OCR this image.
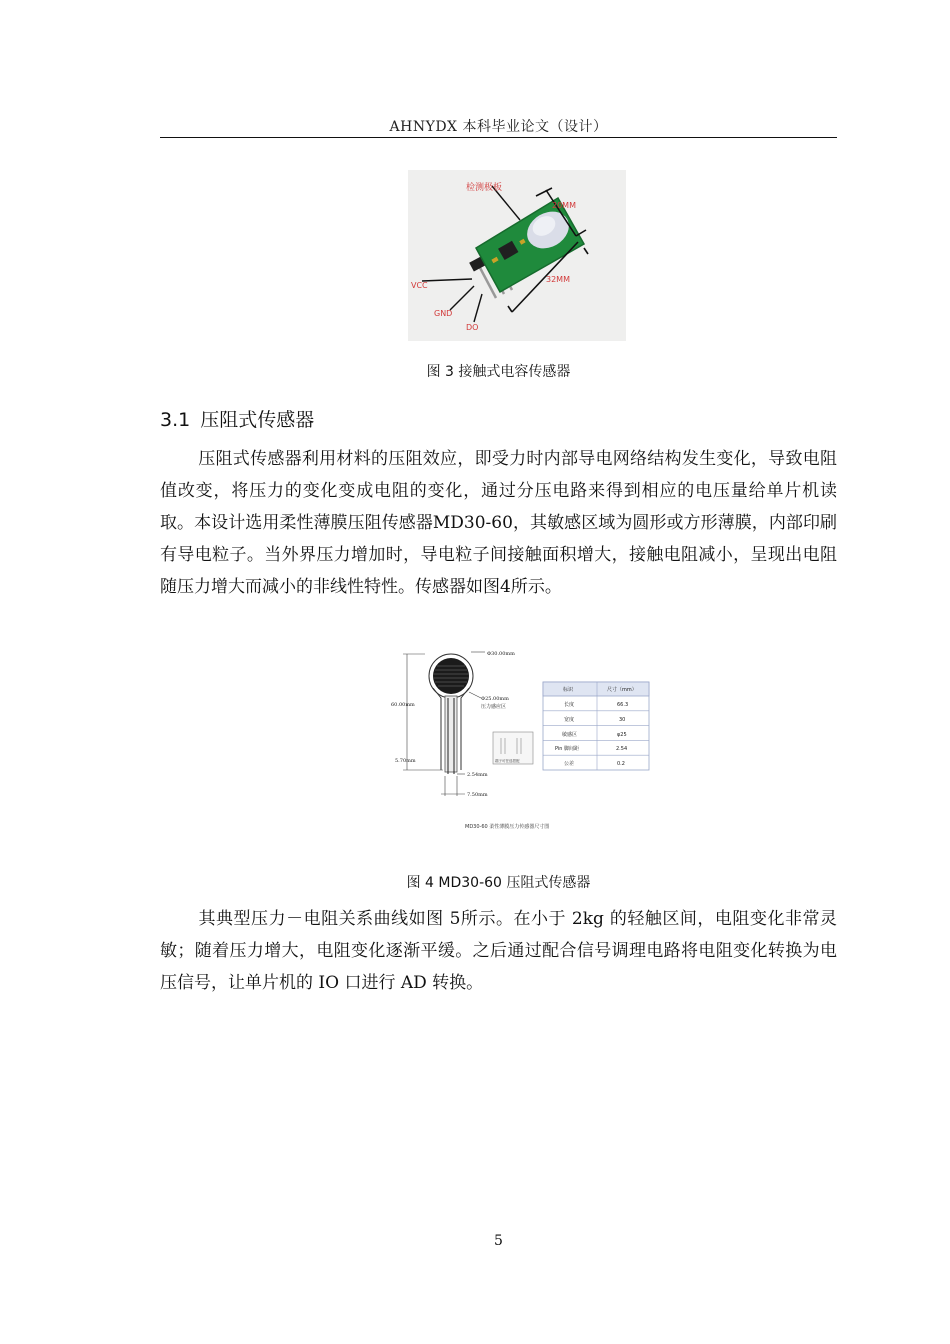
AHNYDX 本科毕业论文（设计）
检测极板
20MM
32MM
VCC
GND
DO
图 3 接触式电容传感器
3.1 压阻式传感器
压阻式传感器利用材料的压阻效应，即受力时内部导电网络结构发生变化，导致电阻值改变，将压力的变化变成电阻的变化，通过分压电路来得到相应的电压量给单片机读取。本设计选用柔性薄膜压阻传感器MD30-60，其敏感区域为圆形或方形薄膜，内部印刷有导电粒子。当外界压力增加时，导电粒子间接触面积增大，接触电阻减小，呈现出电阻随压力增大而减小的非线性特性。传感器如图4所示。
Φ30.00mm
Φ25.00mm
压力感应区
60.00mm
5.70mm
2.54mm
7.50mm
端子可任选搭配
标识	尺寸（mm）
长度	66.3
宽度	30
敏感区	φ25
Pin 脚间距	2.54
公差	0.2
MD30-60 柔性薄膜压力传感器尺寸图
图 4 MD30-60 压阻式传感器
其典型压力－电阻关系曲线如图 5所示。在小于 2kg 的轻触区间，电阻变化非常灵敏；随着压力增大，电阻变化逐渐平缓。之后通过配合信号调理电路将电阻变化转换为电压信号，让单片机的 IO 口进行 AD 转换。
5
